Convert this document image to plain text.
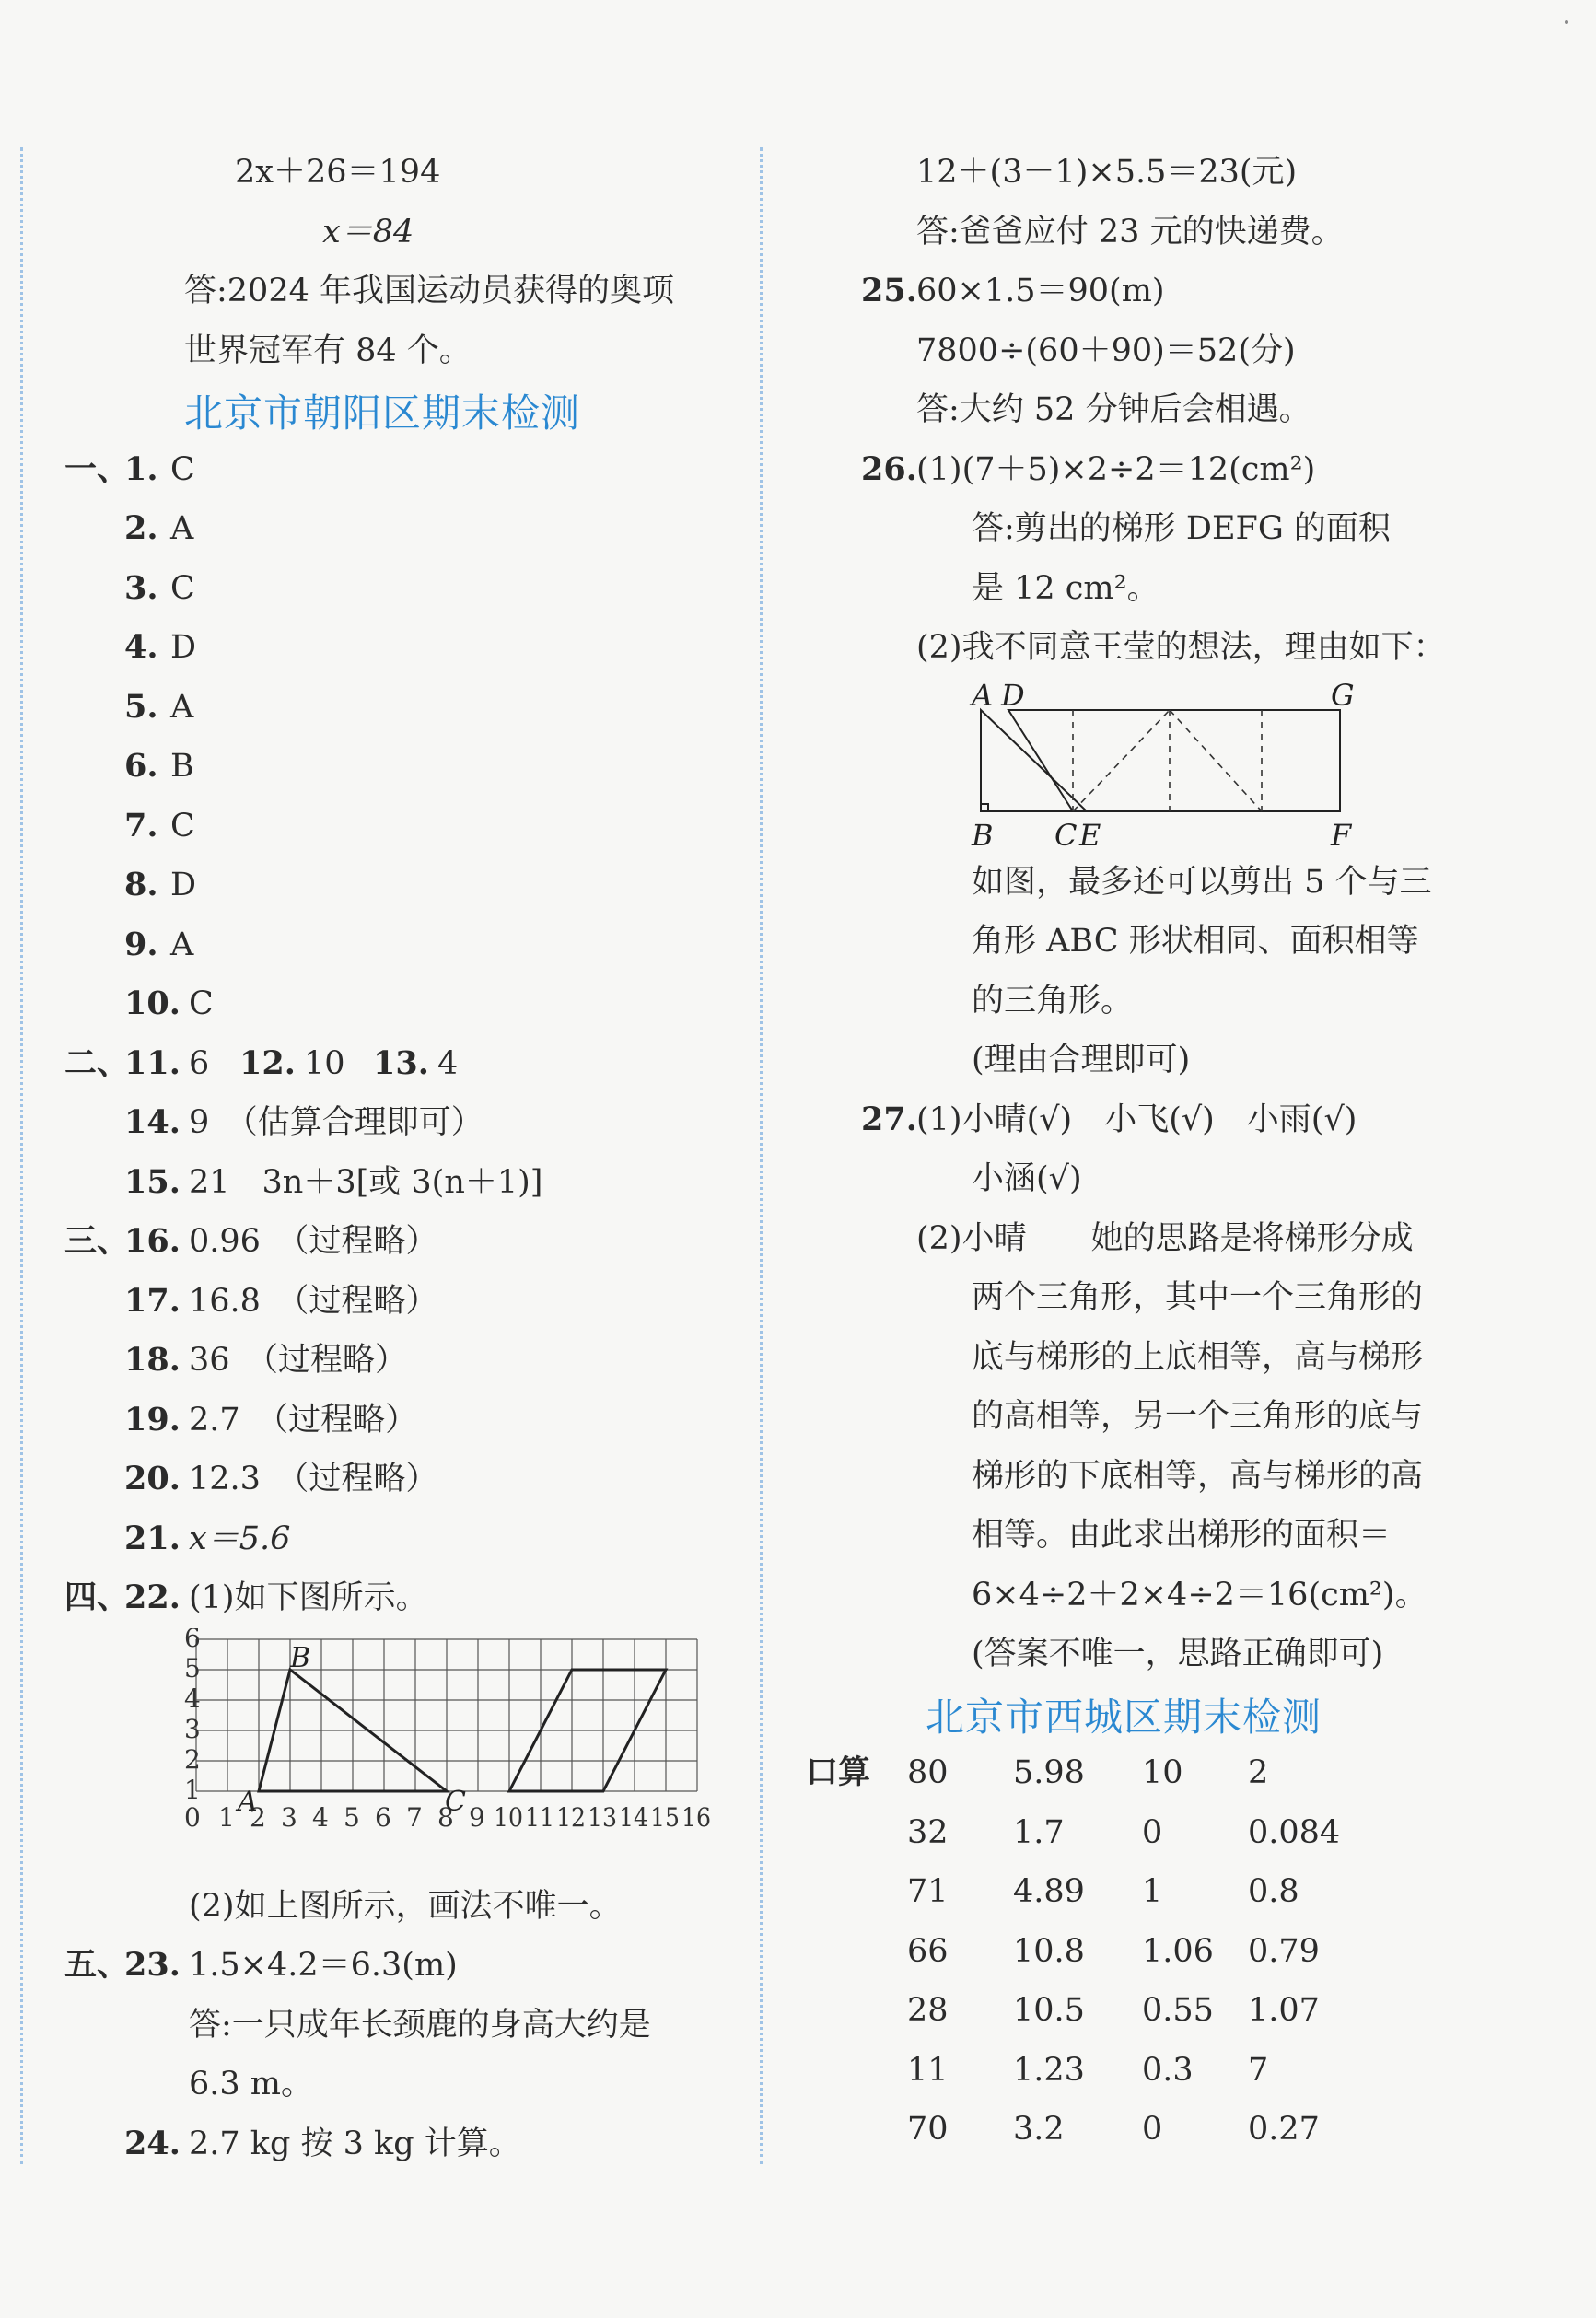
2x＋26＝194
x＝84
答:2024 年我国运动员获得的奥项
世界冠军有 84 个。
北京市朝阳区期末检测
一、
1. C
2. A
3. C
4. D
5. A
6. B
7. C
8. D
9. A
10. C
二、
11. 6 12. 10 13. 4
14. 9　（估算合理即可）
15. 21　3n＋3[或 3(n＋1)]
三、
16. 0.96　（过程略）
17. 16.8　（过程略）
18. 36　（过程略）
19. 2.7　（过程略）
20. 12.3　（过程略）
21. x＝5.6
四、
22. (1)如下图所示。
6
5
4
3
2
1
0 1 2 3 4 5 6 7 8 9 10 11 12 13 14 15 16
A
B
C
(2)如上图所示，画法不唯一。
五、
23. 1.5×4.2＝6.3(m)
答:一只成年长颈鹿的身高大约是
6.3 m。
24. 2.7 kg 按 3 kg 计算。
12＋(3－1)×5.5＝23(元)
答:爸爸应付 23 元的快递费。
25. 60×1.5＝90(m)
7800÷(60＋90)＝52(分)
答:大约 52 分钟后会相遇。
26. (1)(7＋5)×2÷2＝12(cm²)
答:剪出的梯形 DEFG 的面积
是 12 cm²。
(2)我不同意王莹的想法，理由如下：
A D	G
B C E	F
如图，最多还可以剪出 5 个与三
角形 ABC 形状相同、面积相等
的三角形。
(理由合理即可)
27. (1)小晴(√)　小飞(√)　小雨(√)
小涵(√)
(2)小晴　　她的思路是将梯形分成
两个三角形，其中一个三角形的
底与梯形的上底相等，高与梯形
的高相等，另一个三角形的底与
梯形的下底相等，高与梯形的高
相等。由此求出梯形的面积＝
6×4÷2＋2×4÷2＝16(cm²)。
(答案不唯一，思路正确即可)
北京市西城区期末检测
口算 80 5.98 10 2
32 1.7 0	0.084
71 4.89 1	0.8
66 10.8 1.06 0.79
28 10.5 0.55 1.07
11 1.23 0.3 7
70 3.2 0	0.27
